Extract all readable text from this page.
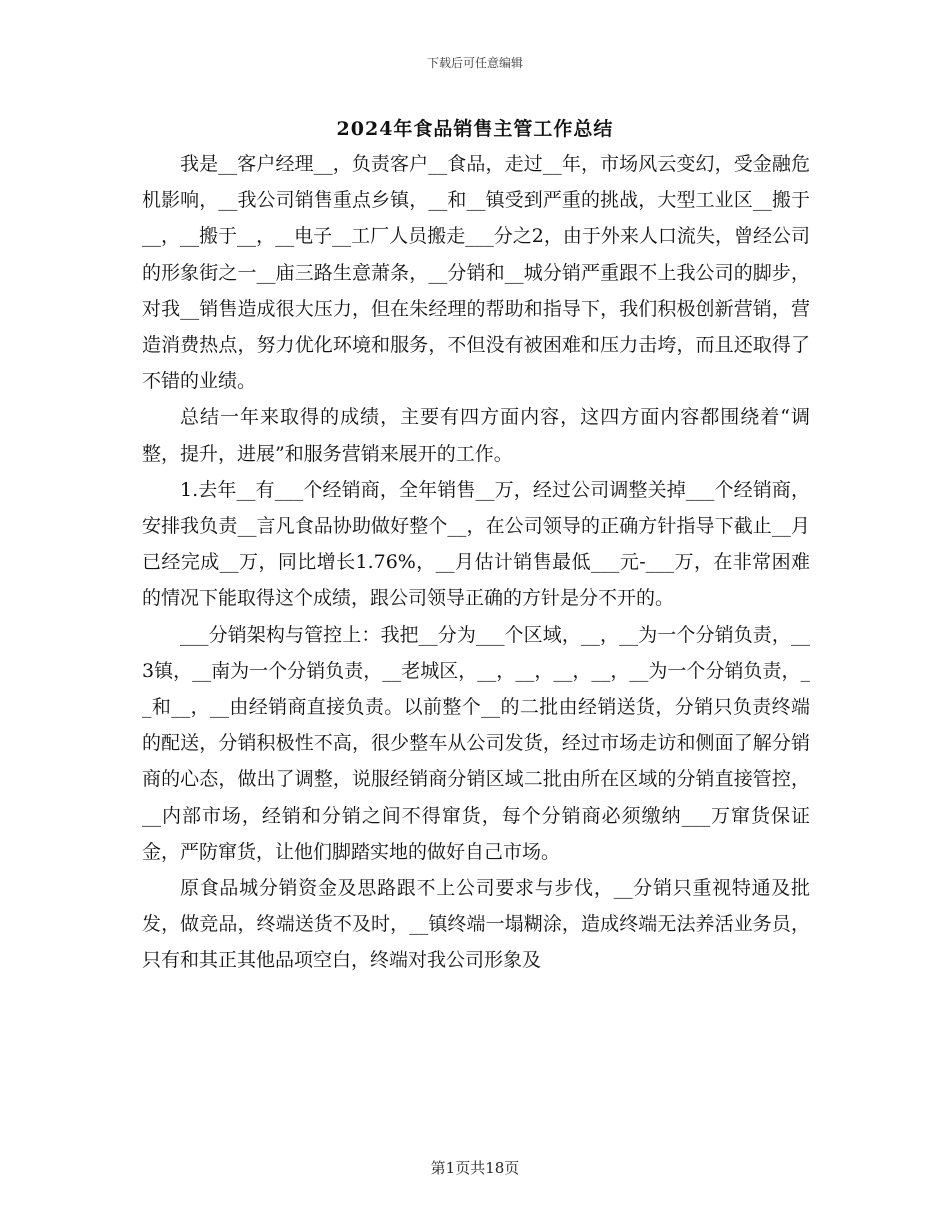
下载后可任意编辑
2024年食品销售主管工作总结

我是__客户经理__，负责客户__食品，走过__年，市场风云变幻，受金融危机影响，__我公司销售重点乡镇，__和__镇受到严重的挑战，大型工业区__搬于__，__搬于__，__电子__工厂人员搬走___分之2，由于外来人口流失，曾经公司的形象街之一__庙三路生意萧条，__分销和__城分销严重跟不上我公司的脚步，对我__销售造成很大压力，但在朱经理的帮助和指导下，我们积极创新营销，营造消费热点，努力优化环境和服务，不但没有被困难和压力击垮，而且还取得了不错的业绩。

总结一年来取得的成绩，主要有四方面内容，这四方面内容都围绕着“调整，提升，进展”和服务营销来展开的工作。

1.去年__有___个经销商，全年销售__万，经过公司调整关掉___个经销商，安排我负责__言凡食品协助做好整个__，在公司领导的正确方针指导下截止__月已经完成__万，同比增长1.76%，__月估计销售最低___元-___万，在非常困难的情况下能取得这个成绩，跟公司领导正确的方针是分不开的。

___分销架构与管控上：我把__分为___个区域，__，__为一个分销负责，__3镇，__南为一个分销负责，__老城区，__，__，__，__，__为一个分销负责，__和__，__由经销商直接负责。以前整个__的二批由经销送货，分销只负责终端的配送，分销积极性不高，很少整车从公司发货，经过市场走访和侧面了解分销商的心态，做出了调整，说服经销商分销区域二批由所在区域的分销直接管控，__内部市场，经销和分销之间不得窜货，每个分销商必须缴纳___万窜货保证金，严防窜货，让他们脚踏实地的做好自己市场。

原食品城分销资金及思路跟不上公司要求与步伐，__分销只重视特通及批发，做竞品，终端送货不及时，__镇终端一塌糊涂，造成终端无法养活业务员，只有和其正其他品项空白，终端对我公司形象及

第1页共18页
